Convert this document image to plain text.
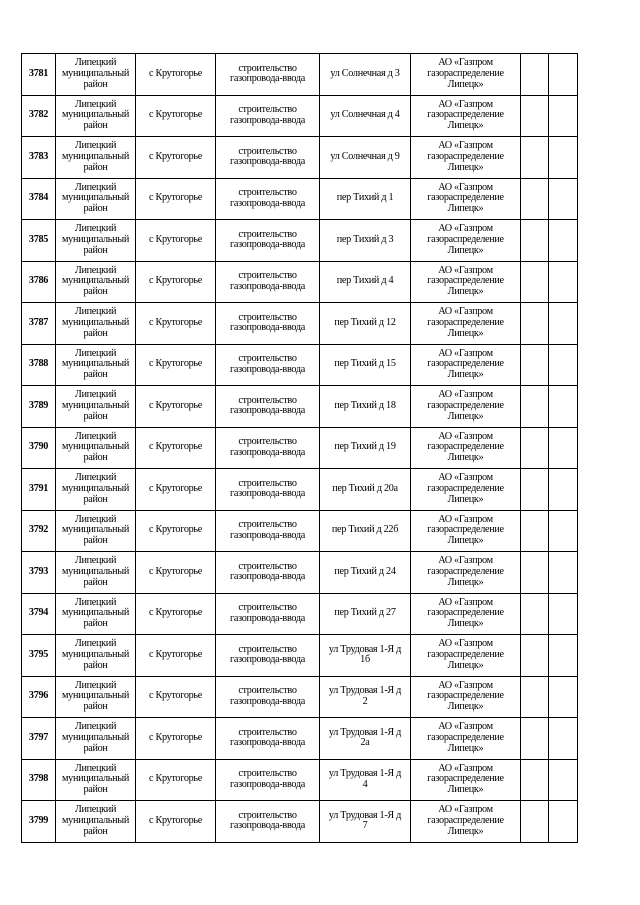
3781	Липецкий
муниципальный
район	с Крутогорье	строительство
газопровода-ввода	ул Солнечная д 3	АО «Газпром
газораспределение
Липецк»		
3782	Липецкий
муниципальный
район	с Крутогорье	строительство
газопровода-ввода	ул Солнечная д 4	АО «Газпром
газораспределение
Липецк»		
3783	Липецкий
муниципальный
район	с Крутогорье	строительство
газопровода-ввода	ул Солнечная д 9	АО «Газпром
газораспределение
Липецк»		
3784	Липецкий
муниципальный
район	с Крутогорье	строительство
газопровода-ввода	пер Тихий д 1	АО «Газпром
газораспределение
Липецк»		
3785	Липецкий
муниципальный
район	с Крутогорье	строительство
газопровода-ввода	пер Тихий д 3	АО «Газпром
газораспределение
Липецк»		
3786	Липецкий
муниципальный
район	с Крутогорье	строительство
газопровода-ввода	пер Тихий д 4	АО «Газпром
газораспределение
Липецк»		
3787	Липецкий
муниципальный
район	с Крутогорье	строительство
газопровода-ввода	пер Тихий д 12	АО «Газпром
газораспределение
Липецк»		
3788	Липецкий
муниципальный
район	с Крутогорье	строительство
газопровода-ввода	пер Тихий д 15	АО «Газпром
газораспределение
Липецк»		
3789	Липецкий
муниципальный
район	с Крутогорье	строительство
газопровода-ввода	пер Тихий д 18	АО «Газпром
газораспределение
Липецк»		
3790	Липецкий
муниципальный
район	с Крутогорье	строительство
газопровода-ввода	пер Тихий д 19	АО «Газпром
газораспределение
Липецк»		
3791	Липецкий
муниципальный
район	с Крутогорье	строительство
газопровода-ввода	пер Тихий д 20а	АО «Газпром
газораспределение
Липецк»		
3792	Липецкий
муниципальный
район	с Крутогорье	строительство
газопровода-ввода	пер Тихий д 22б	АО «Газпром
газораспределение
Липецк»		
3793	Липецкий
муниципальный
район	с Крутогорье	строительство
газопровода-ввода	пер Тихий д 24	АО «Газпром
газораспределение
Липецк»		
3794	Липецкий
муниципальный
район	с Крутогорье	строительство
газопровода-ввода	пер Тихий д 27	АО «Газпром
газораспределение
Липецк»		
3795	Липецкий
муниципальный
район	с Крутогорье	строительство
газопровода-ввода	ул Трудовая 1-Я д
1б	АО «Газпром
газораспределение
Липецк»		
3796	Липецкий
муниципальный
район	с Крутогорье	строительство
газопровода-ввода	ул Трудовая 1-Я д
2	АО «Газпром
газораспределение
Липецк»		
3797	Липецкий
муниципальный
район	с Крутогорье	строительство
газопровода-ввода	ул Трудовая 1-Я д
2а	АО «Газпром
газораспределение
Липецк»		
3798	Липецкий
муниципальный
район	с Крутогорье	строительство
газопровода-ввода	ул Трудовая 1-Я д
4	АО «Газпром
газораспределение
Липецк»		
3799	Липецкий
муниципальный
район	с Крутогорье	строительство
газопровода-ввода	ул Трудовая 1-Я д
7	АО «Газпром
газораспределение
Липецк»		
